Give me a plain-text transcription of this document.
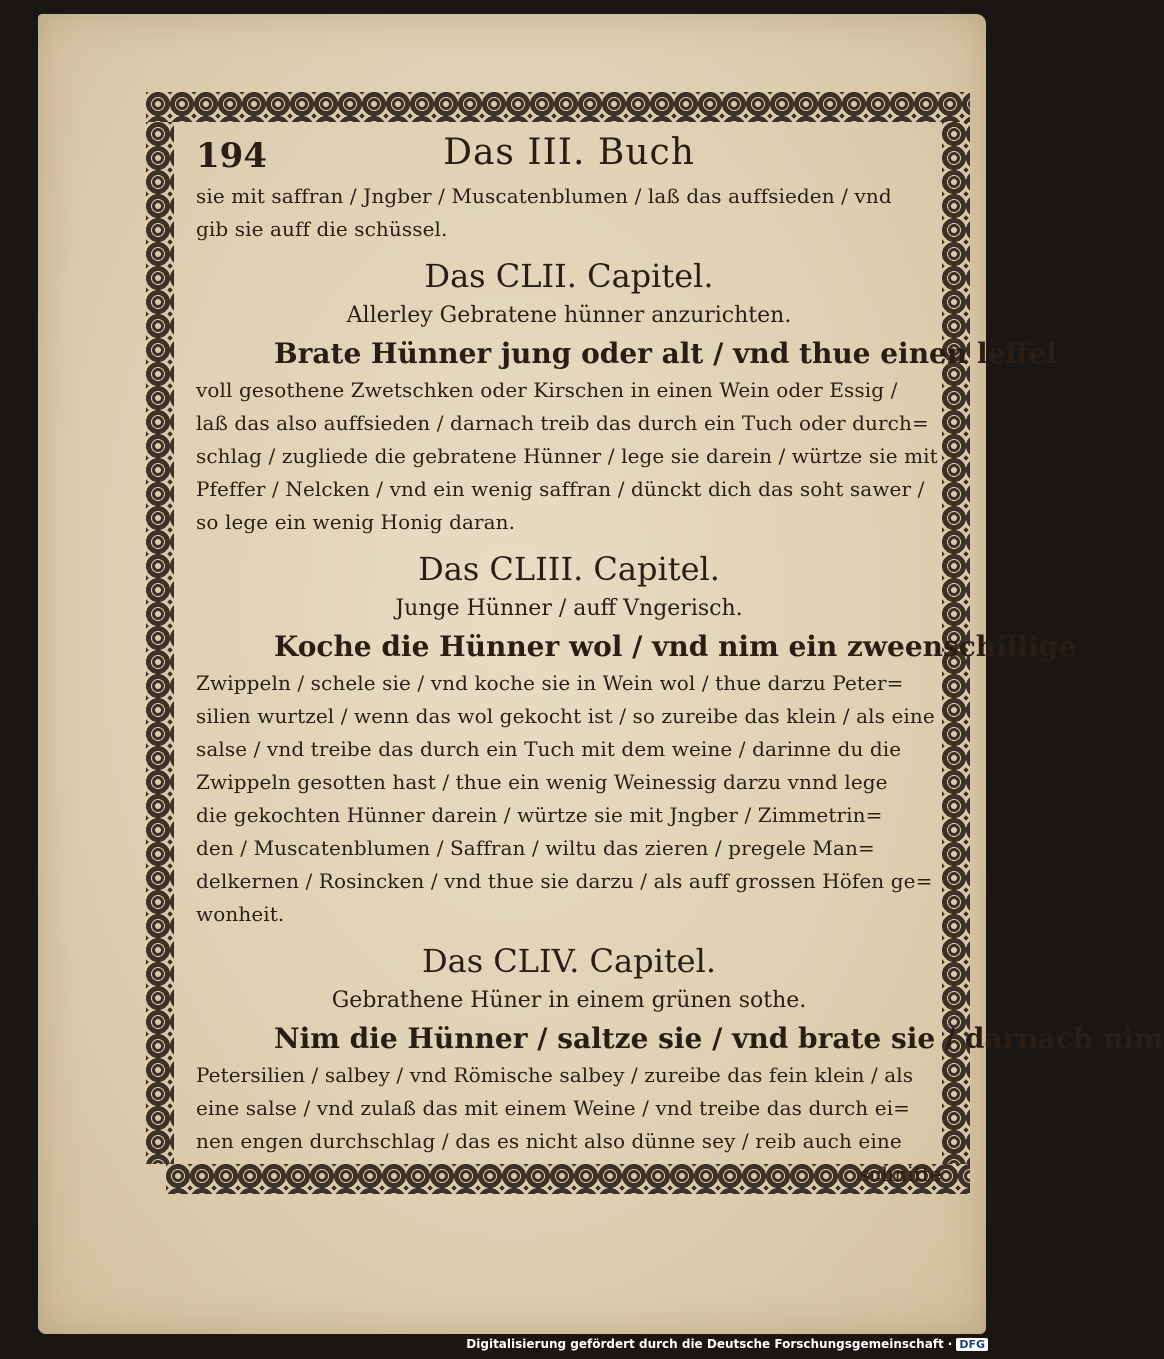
194	Das III. Buch
sie mit saffran / Jngber / Muscatenblumen / laß das auffsieden / vnd
gib sie auff die schüssel.
Das CLII. Capitel.
Allerley Gebratene hünner anzurichten.
Brate Hünner jung oder alt / vnd thue einen leffel
voll gesothene Zwetschken oder Kirschen in einen Wein oder Essig /
laß das also auffsieden / darnach treib das durch ein Tuch oder durch=
schlag / zugliede die gebratene Hünner / lege sie darein / würtze sie mit
Pfeffer / Nelcken / vnd ein wenig saffran / dünckt dich das soht sawer /
so lege ein wenig Honig daran.
Das CLIII. Capitel.
Junge Hünner / auff Vngerisch.
Koche die Hünner wol / vnd nim ein zweenschillige
Zwippeln / schele sie / vnd koche sie in Wein wol / thue darzu Peter=
silien wurtzel / wenn das wol gekocht ist / so zureibe das klein / als eine
salse / vnd treibe das durch ein Tuch mit dem weine / darinne du die
Zwippeln gesotten hast / thue ein wenig Weinessig darzu vnnd lege
die gekochten Hünner darein / würtze sie mit Jngber / Zimmetrin=
den / Muscatenblumen / Saffran / wiltu das zieren / pregele Man=
delkernen / Rosincken / vnd thue sie darzu / als auff grossen Höfen ge=
wonheit.
Das CLIV. Capitel.
Gebrathene Hüner in einem grünen sothe.
Nim die Hünner / saltze sie / vnd brate sie / darnach nim
Petersilien / salbey / vnd Römische salbey / zureibe das fein klein / als
eine salse / vnd zulaß das mit einem Weine / vnd treibe das durch ei=
nen engen durchschlag / das es nicht also dünne sey / reib auch eine
schnitte
Digitalisierung gefördert durch die Deutsche Forschungsgemeinschaft · DFG
